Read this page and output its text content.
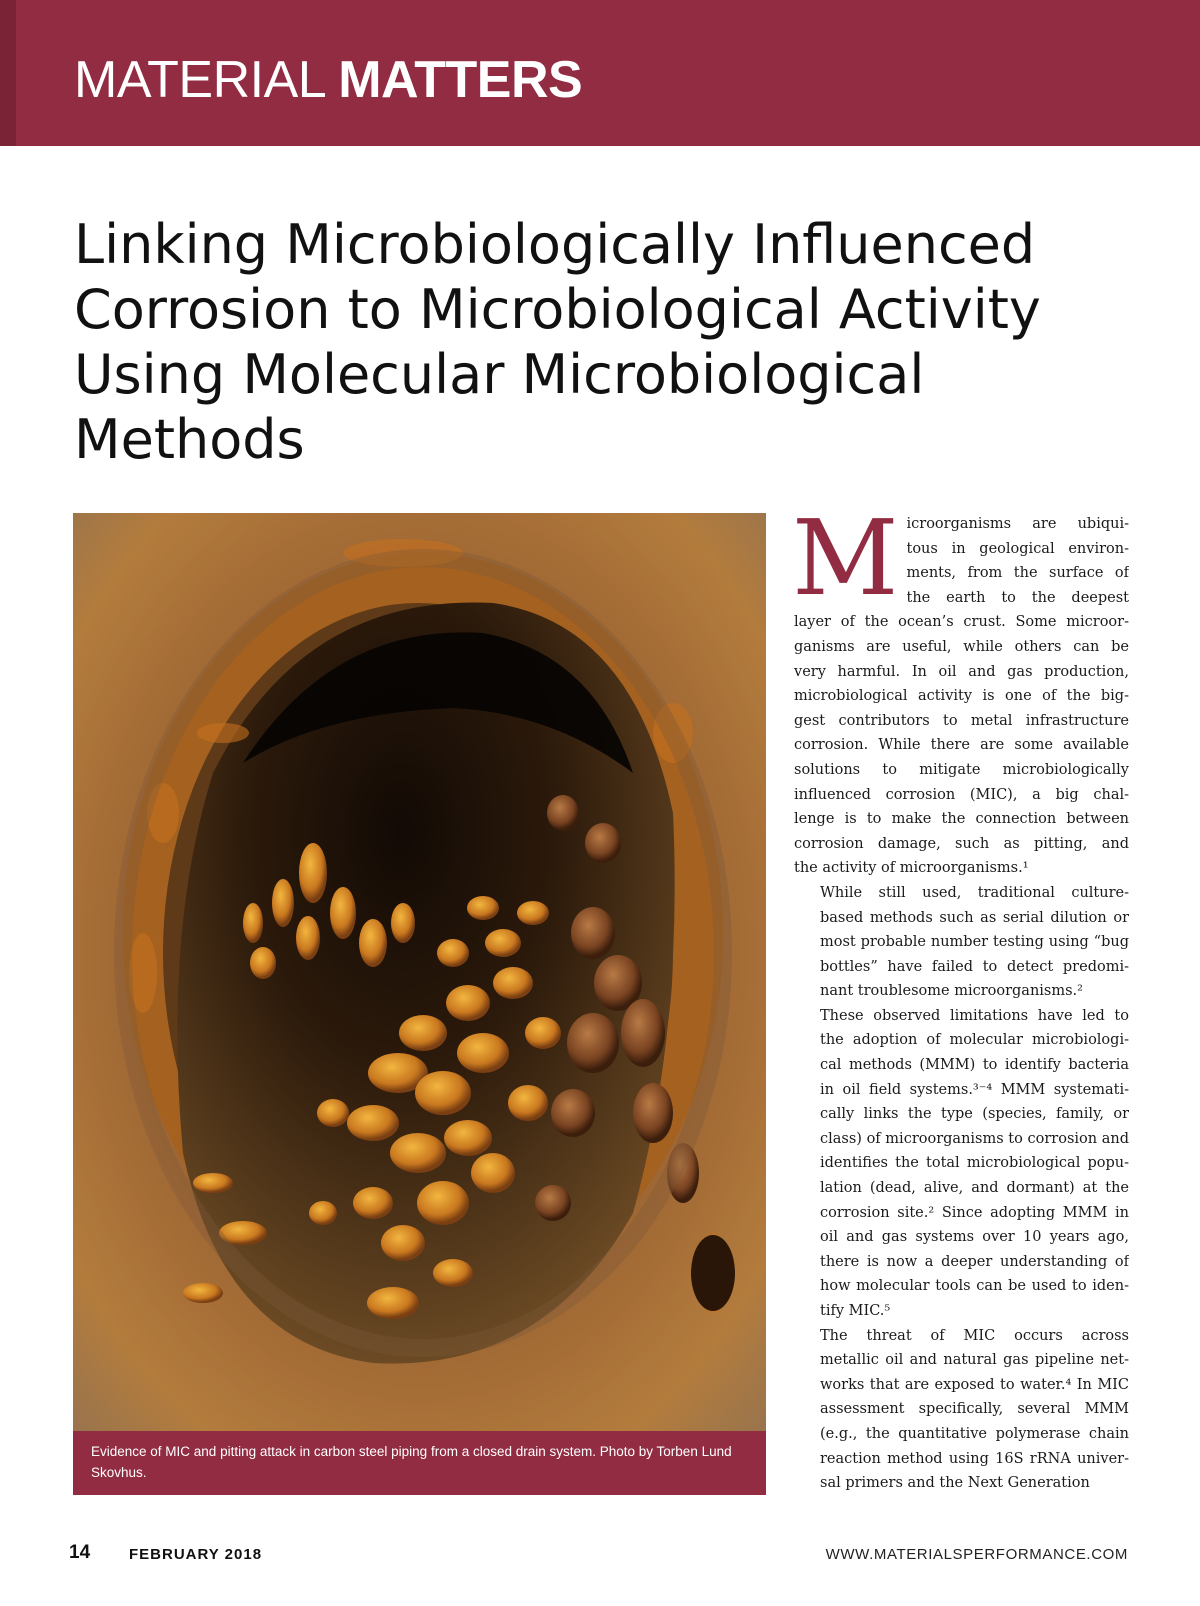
MATERIAL MATTERS
Linking Microbiologically Influenced
Corrosion to Microbiological Activity
Using Molecular Microbiological
Methods
Evidence of MIC and pitting attack in carbon steel piping from a closed drain system. Photo by Torben Lund Skovhus.

M icroorganisms are ubiqui-
tous in geological environ-
ments, from the surface of
the earth to the deepest
layer of the ocean’s crust. Some microor-
ganisms are useful, while others can be
very harmful. In oil and gas production,
microbiological activity is one of the big-
gest contributors to metal infrastructure
corrosion. While there are some available
solutions to mitigate microbiologically
influenced corrosion (MIC), a big chal-
lenge is to make the connection between
corrosion damage, such as pitting, and
the activity of microorganisms.¹

While still used, traditional culture-
based methods such as serial dilution or
most probable number testing using “bug
bottles” have failed to detect predomi-
nant troublesome microorganisms.²
These observed limitations have led to
the adoption of molecular microbiologi-
cal methods (MMM) to identify bacteria
in oil field systems.³⁻⁴ MMM systemati-
cally links the type (species, family, or
class) of microorganisms to corrosion and
identifies the total microbiological popu-
lation (dead, alive, and dormant) at the
corrosion site.² Since adopting MMM in
oil and gas systems over 10 years ago,
there is now a deeper understanding of
how molecular tools can be used to iden-
tify MIC.⁵

The threat of MIC occurs across
metallic oil and natural gas pipeline net-
works that are exposed to water.⁴ In MIC
assessment specifically, several MMM
(e.g., the quantitative polymerase chain
reaction method using 16S rRNA univer-
sal primers and the Next Generation

14	FEBRUARY 2018	WWW.MATERIALSPERFORMANCE.COM
